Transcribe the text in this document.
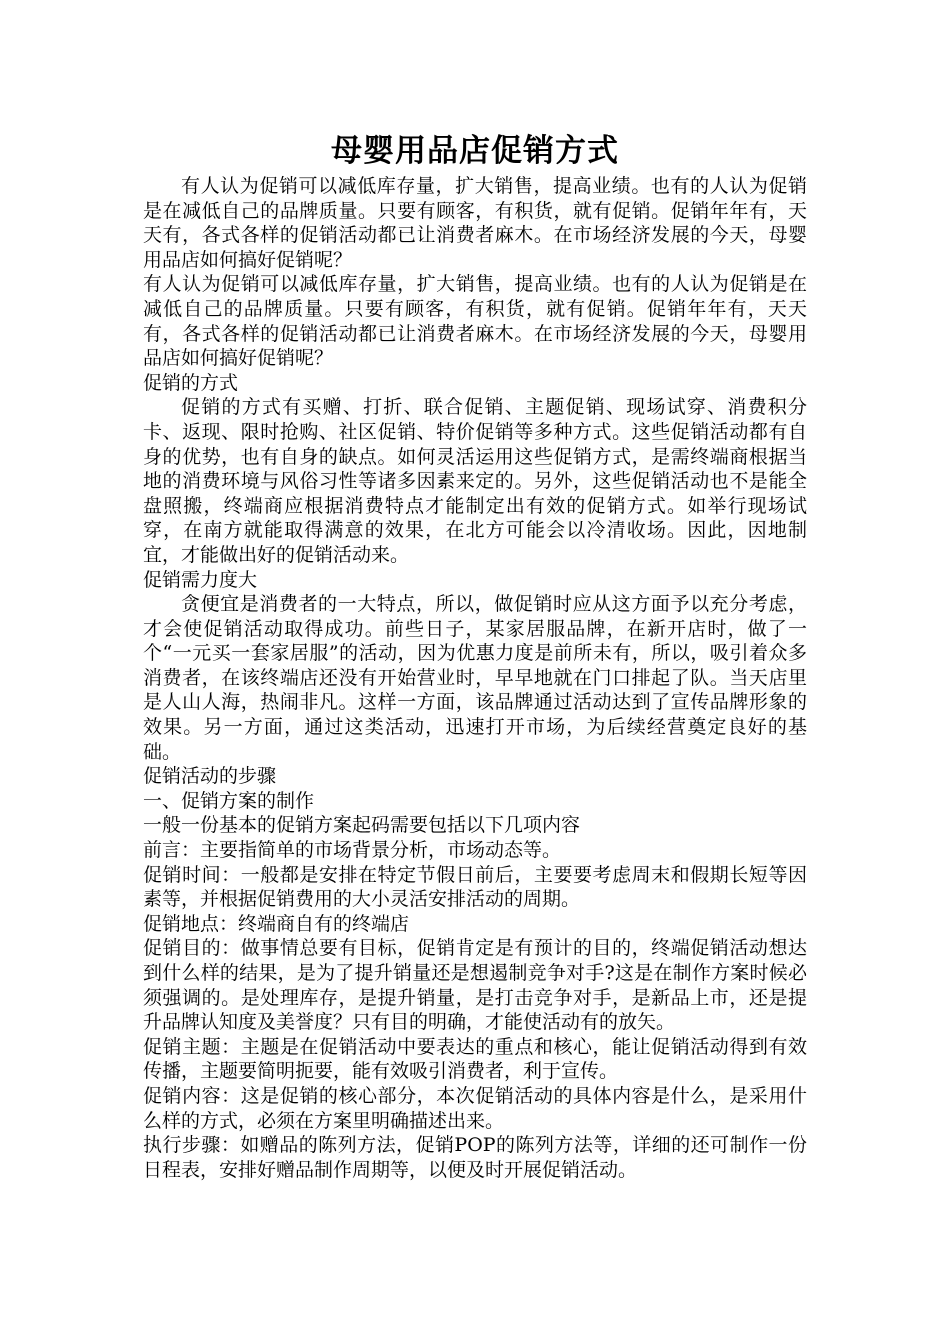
母婴用品店促销方式

有人认为促销可以减低库存量，扩大销售，提高业绩。也有的人认为促销是在减低自己的品牌质量。只要有顾客，有积货，就有促销。促销年年有，天天有，各式各样的促销活动都已让消费者麻木。在市场经济发展的今天，母婴用品店如何搞好促销呢？

有人认为促销可以减低库存量，扩大销售，提高业绩。也有的人认为促销是在减低自己的品牌质量。只要有顾客，有积货，就有促销。促销年年有，天天有，各式各样的促销活动都已让消费者麻木。在市场经济发展的今天，母婴用品店如何搞好促销呢？

促销的方式

促销的方式有买赠、打折、联合促销、主题促销、现场试穿、消费积分卡、返现、限时抢购、社区促销、特价促销等多种方式。这些促销活动都有自身的优势，也有自身的缺点。如何灵活运用这些促销方式，是需终端商根据当地的消费环境与风俗习性等诸多因素来定的。另外，这些促销活动也不是能全盘照搬，终端商应根据消费特点才能制定出有效的促销方式。如举行现场试穿，在南方就能取得满意的效果，在北方可能会以冷清收场。因此，因地制宜，才能做出好的促销活动来。

促销需力度大

贪便宜是消费者的一大特点，所以，做促销时应从这方面予以充分考虑，才会使促销活动取得成功。前些日子，某家居服品牌，在新开店时，做了一个“一元买一套家居服”的活动，因为优惠力度是前所未有，所以，吸引着众多消费者，在该终端店还没有开始营业时，早早地就在门口排起了队。当天店里是人山人海，热闹非凡。这样一方面，该品牌通过活动达到了宣传品牌形象的效果。另一方面，通过这类活动，迅速打开市场，为后续经营奠定良好的基础。

促销活动的步骤

一、促销方案的制作

一般一份基本的促销方案起码需要包括以下几项内容

前言：主要指简单的市场背景分析，市场动态等。

促销时间：一般都是安排在特定节假日前后，主要要考虑周末和假期长短等因素等，并根据促销费用的大小灵活安排活动的周期。

促销地点：终端商自有的终端店

促销目的：做事情总要有目标，促销肯定是有预计的目的，终端促销活动想达到什么样的结果，是为了提升销量还是想遏制竞争对手?这是在制作方案时候必须强调的。是处理库存，是提升销量，是打击竞争对手，是新品上市，还是提升品牌认知度及美誉度？只有目的明确，才能使活动有的放矢。

促销主题：主题是在促销活动中要表达的重点和核心，能让促销活动得到有效传播，主题要简明扼要，能有效吸引消费者，利于宣传。

促销内容：这是促销的核心部分，本次促销活动的具体内容是什么，是采用什么样的方式，必须在方案里明确描述出来。

执行步骤：如赠品的陈列方法，促销POP的陈列方法等，详细的还可制作一份日程表，安排好赠品制作周期等，以便及时开展促销活动。
